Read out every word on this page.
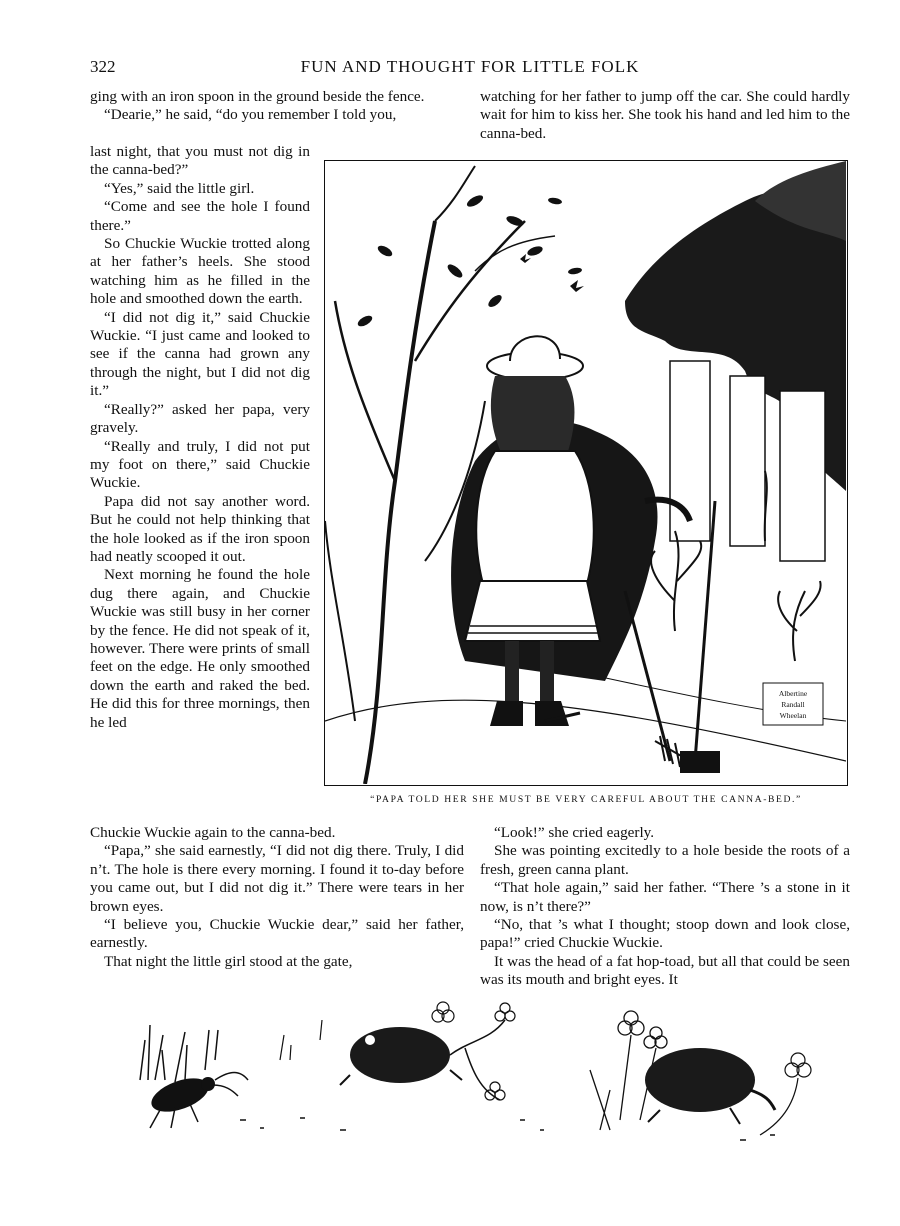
322	FUN AND THOUGHT FOR LITTLE FOLK

ging with an iron spoon in the ground beside the fence.

“Dearie,” he said, “do you remember I told you,

last night, that you must not dig in the canna-bed?”

“Yes,” said the little girl.

“Come and see the hole I found there.”

So Chuckie Wuckie trotted along at her father’s heels. She stood watching him as he filled in the hole and smoothed down the earth.

“I did not dig it,” said Chuckie Wuckie. “I just came and looked to see if the canna had grown any through the night, but I did not dig it.”

“Really?” asked her papa, very gravely.

“Really and truly, I did not put my foot on there,” said Chuckie Wuckie.

Papa did not say another word. But he could not help thinking that the hole looked as if the iron spoon had neatly scooped it out.

Next morning he found the hole dug there again, and Chuckie Wuckie was still busy in her corner by the fence. He did not speak of it, however. There were prints of small feet on the edge. He only smoothed down the earth and raked the bed. He did this for three mornings, then he led

Chuckie Wuckie again to the canna-bed.

“Papa,” she said earnestly, “I did not dig there. Truly, I did n’t. The hole is there every morning. I found it to-day before you came out, but I did not dig it.” There were tears in her brown eyes.

“I believe you, Chuckie Wuckie dear,” said her father, earnestly.

That night the little girl stood at the gate,

watching for her father to jump off the car. She could hardly wait for him to kiss her. She took his hand and led him to the canna-bed.

“Look!” she cried eagerly.

She was pointing excitedly to a hole beside the roots of a fresh, green canna plant.

“That hole again,” said her father. “There ’s a stone in it now, is n’t there?”

“No, that ’s what I thought; stoop down and look close, papa!” cried Chuckie Wuckie.

It was the head of a fat hop-toad, but all that could be seen was its mouth and bright eyes. It

Albertine
Randall
Wheelan
“PAPA TOLD HER SHE MUST BE VERY CAREFUL ABOUT THE CANNA-BED.”
